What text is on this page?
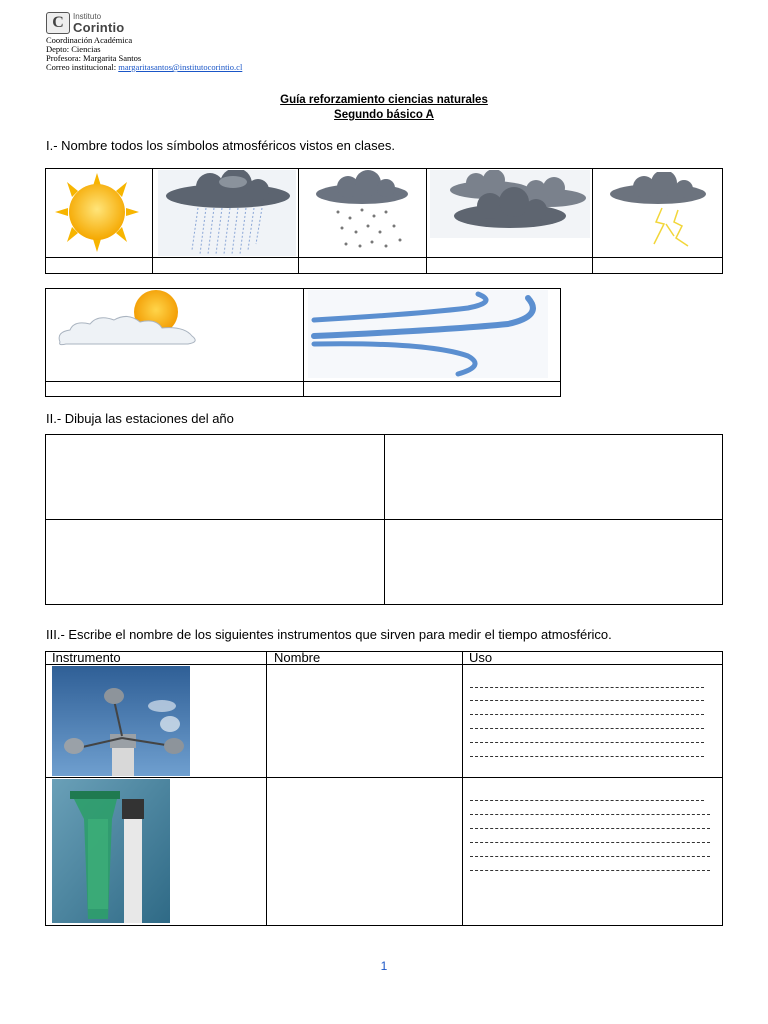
C	Instituto
Corintio
Coordinación Académica
Depto: Ciencias
Profesora: Margarita Santos
Correo institucional: margaritasantos@institutocorintio.cl
Guía reforzamiento ciencias naturales
Segundo básico A
I.- Nombre todos los símbolos atmosféricos vistos en clases.
II.- Dibuja las estaciones del año
III.- Escribe el nombre de los siguientes instrumentos que sirven para medir el tiempo atmosférico.
Instrumento	Nombre	Uso
1
